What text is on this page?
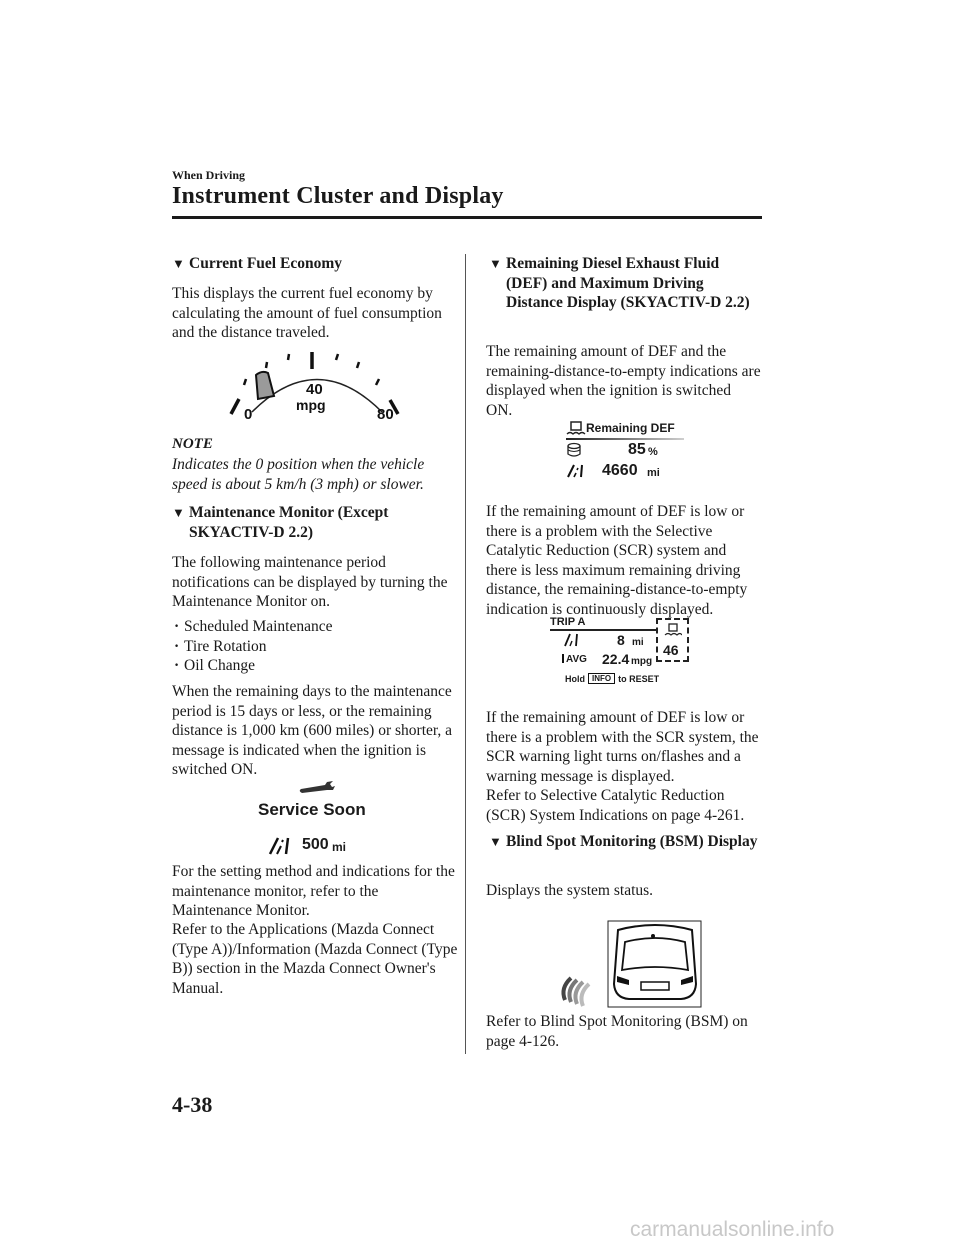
When Driving
Instrument Cluster and Display
▼ Current Fuel Economy

This displays the current fuel economy by calculating the amount of fuel consumption and the distance traveled.

0
40
80
mpg
NOTE
Indicates the 0 position when the vehicle speed is about 5 km/h (3 mph) or slower.
▼ Maintenance Monitor (Except SKYACTIV-D 2.2)

The following maintenance period notifications can be displayed by turning the Maintenance Monitor on.

· Scheduled Maintenance
· Tire Rotation
· Oil Change

When the remaining days to the maintenance period is 15 days or less, or the remaining distance is 1,000 km (600 miles) or shorter, a message is indicated when the ignition is switched ON.

Service Soon
500 mi

For the setting method and indications for the maintenance monitor, refer to the Maintenance Monitor.

Refer to the Applications (Mazda Connect (Type A))/Information (Mazda Connect (Type B)) section in the Mazda Connect Owner's Manual.

▼ Remaining Diesel Exhaust Fluid (DEF) and Maximum Driving Distance Display (SKYACTIV-D 2.2)

The remaining amount of DEF and the remaining-distance-to-empty indications are displayed when the ignition is switched ON.

Remaining DEF
85 %
4660 mi

If the remaining amount of DEF is low or there is a problem with the Selective Catalytic Reduction (SCR) system and there is less maximum remaining driving distance, the remaining-distance-to-empty indication is continuously displayed.

TRIP A
8 mi
AVG 22.4 mpg
46
Hold INFO to RESET

If the remaining amount of DEF is low or there is a problem with the SCR system, the SCR warning light turns on/flashes and a warning message is displayed.

Refer to Selective Catalytic Reduction (SCR) System Indications on page 4-261.

▼ Blind Spot Monitoring (BSM) Display

Displays the system status.

Refer to Blind Spot Monitoring (BSM) on page 4-126.

4-38
carmanualsonline.info
